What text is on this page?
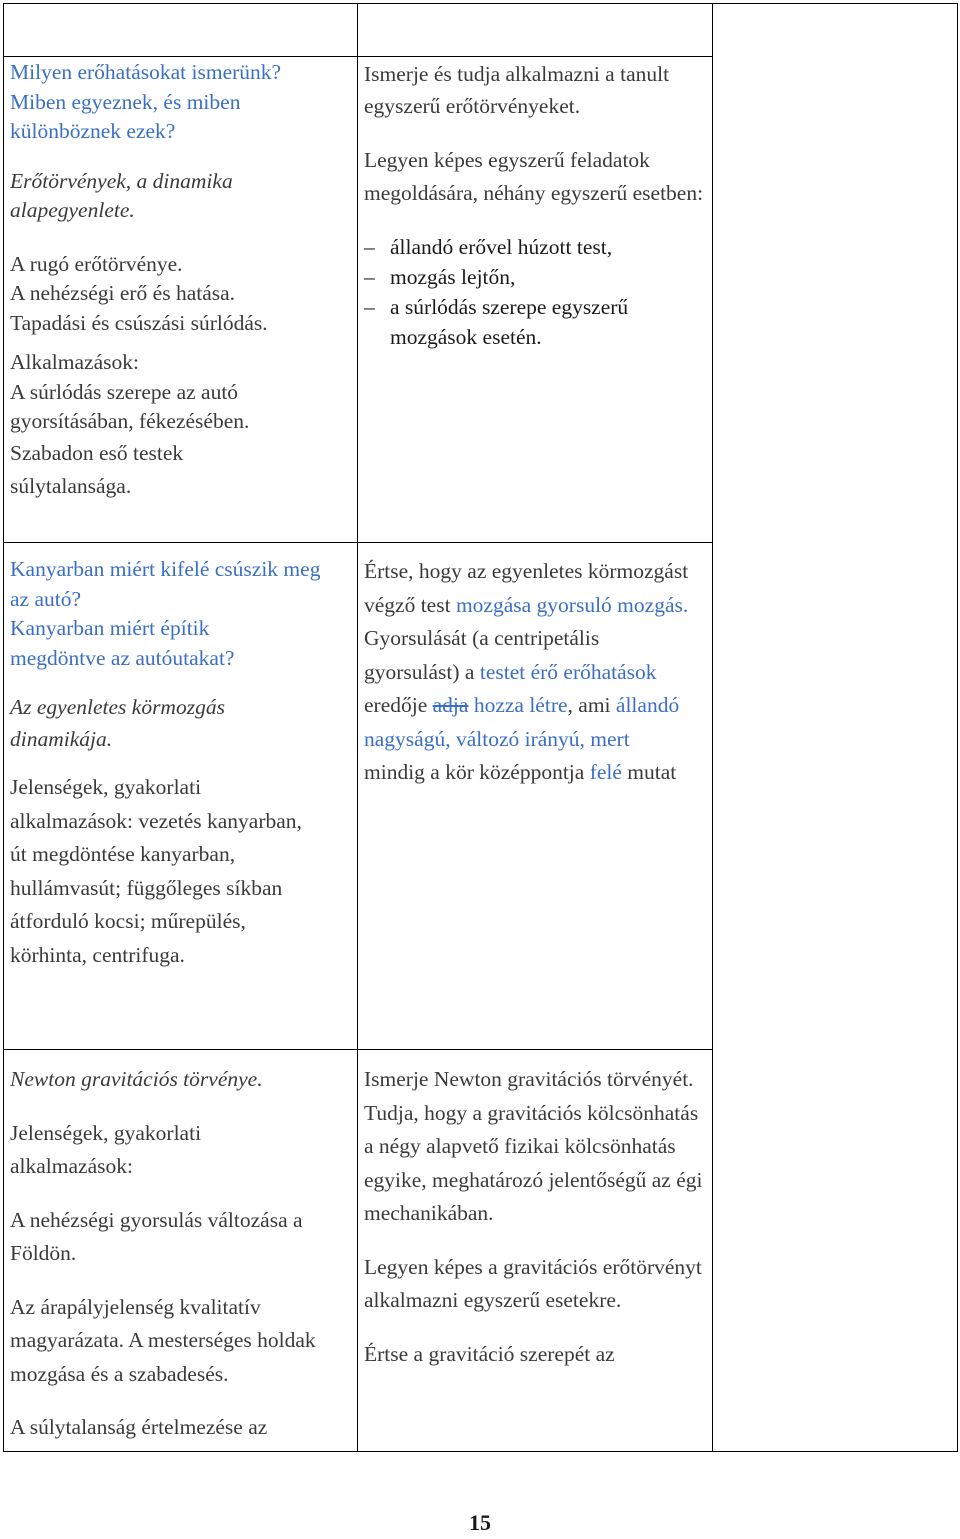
Milyen erőhatásokat ismerünk? Miben egyeznek, és miben különböznek ezek?

Erőtörvények, a dinamika alapegyenlete.

A rugó erőtörvénye.

A nehézségi erő és hatása.

Tapadási és csúszási súrlódás.

Alkalmazások:

A súrlódás szerepe az autó gyorsításában, fékezésében.

Szabadon eső testek súlytalansága.

Ismerje és tudja alkalmazni a tanult egyszerű erőtörvényeket.

Legyen képes egyszerű feladatok megoldására, néhány egyszerű esetben:

– állandó erővel húzott test,
– mozgás lejtőn,
– a súrlódás szerepe egyszerű mozgások esetén.

Kanyarban miért kifelé csúszik meg az autó?

Kanyarban miért építik megdöntve az autóutakat?

Az egyenletes körmozgás dinamikája.

Jelenségek, gyakorlati alkalmazások: vezetés kanyarban, út megdöntése kanyarban, hullámvasút; függőleges síkban átforduló kocsi; műrepülés, körhinta, centrifuga.

Értse, hogy az egyenletes körmozgást végző test mozgása gyorsuló mozgás. Gyorsulását (a centripetális gyorsulást) a testet érő erőhatások eredője adja hozza létre, ami állandó nagyságú, változó irányú, mert mindig a kör középpontja felé mutat

Newton gravitációs törvénye.

Jelenségek, gyakorlati alkalmazások:

A nehézségi gyorsulás változása a Földön.

Az árapályjelenség kvalitatív magyarázata. A mesterséges holdak mozgása és a szabadesés.

A súlytalanság értelmezése az

Ismerje Newton gravitációs törvényét. Tudja, hogy a gravitációs kölcsönhatás a négy alapvető fizikai kölcsönhatás egyike, meghatározó jelentőségű az égi mechanikában.

Legyen képes a gravitációs erőtörvényt alkalmazni egyszerű esetekre.

Értse a gravitáció szerepét az

15
